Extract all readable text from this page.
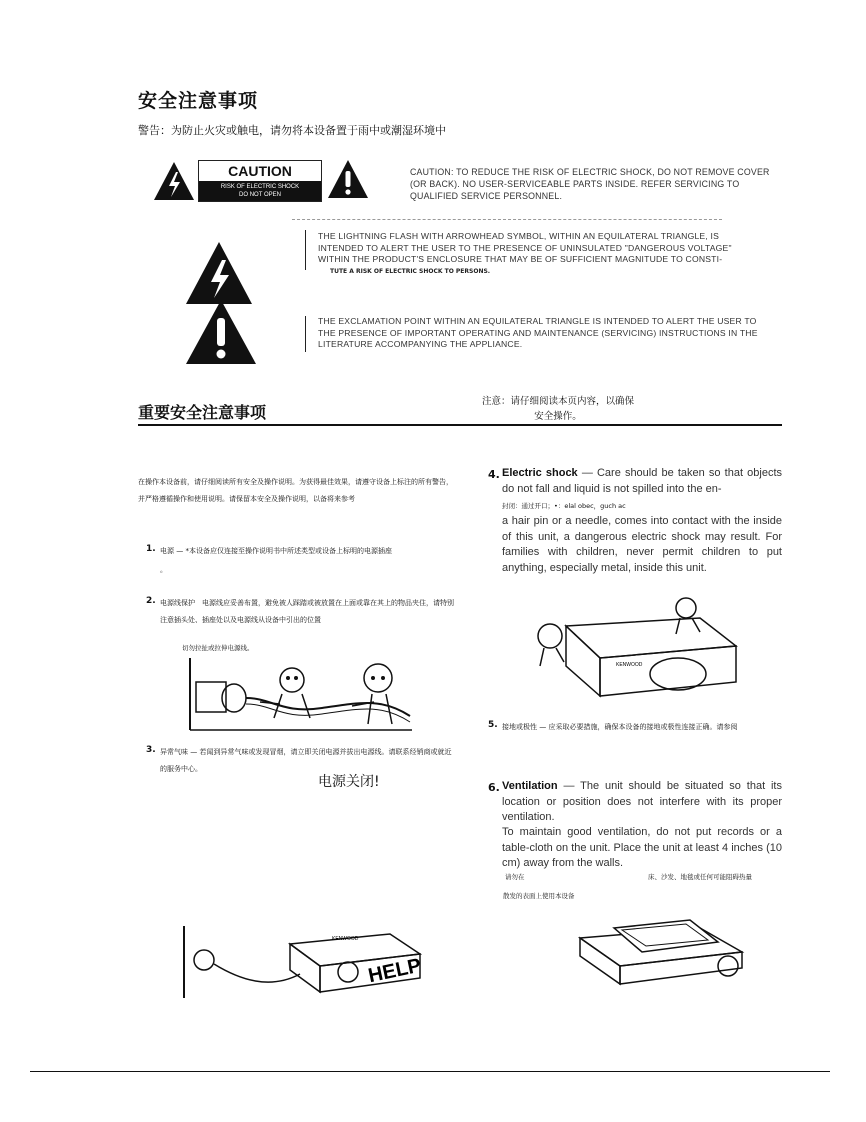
安全注意事项
警告：为防止火灾或触电，请勿将本设备置于雨中或潮湿环境中
CAUTION
RISK OF ELECTRIC SHOCK
DO NOT OPEN
CAUTION: TO REDUCE THE RISK OF ELECTRIC SHOCK, DO NOT REMOVE COVER (OR BACK). NO USER-SERVICEABLE PARTS INSIDE. REFER SERVICING TO QUALIFIED SERVICE PERSONNEL.
THE LIGHTNING FLASH WITH ARROWHEAD SYMBOL, WITHIN AN EQUILATERAL TRIANGLE, IS INTENDED TO ALERT THE USER TO THE PRESENCE OF UNINSULATED "DANGEROUS VOLTAGE" WITHIN THE PRODUCT'S ENCLOSURE THAT MAY BE OF SUFFICIENT MAGNITUDE TO CONSTI-
TUTE A RISK OF ELECTRIC SHOCK TO PERSONS.
THE EXCLAMATION POINT WITHIN AN EQUILATERAL TRIANGLE IS INTENDED TO ALERT THE USER TO THE PRESENCE OF IMPORTANT OPERATING AND MAINTENANCE (SERVICING) INSTRUCTIONS IN THE LITERATURE ACCOMPANYING THE APPLIANCE.
重要安全注意事项
注意：请仔细阅读本页内容，以确保
安全操作。
在操作本设备前，请仔细阅读所有安全及操作说明。为获得最佳效果，请遵守设备上标注的所有警告，并严格遵循操作和使用说明。请保留本安全及操作说明，以备将来参考
1. 电源 — *本设备应仅连接至操作说明书中所述类型或设备上标明的电源插座
。
2. 电源线保护　电源线应妥善布置，避免被人踩踏或被放置在上面或靠在其上的物品夹住，请特别注意插头处、插座处以及电源线从设备中引出的位置
切勿拉扯或拉伸电源线。
3. 异常气味 — 若闻到异常气味或发现冒烟，请立即关闭电源并拔出电源线。请联系经销商或就近的服务中心。
电源关闭!
4. Electric shock — Care should be taken so that objects do not fall and liquid is not spilled into the en-
封闭：通过开口；•：elal obec，guch ac
a hair pin or a needle, comes into contact with the inside of this unit, a dangerous electric shock may result. For families with children, never permit children to put anything, especially metal, inside this unit.
KENWOOD
5. 接地或极性 — 应采取必要措施，确保本设备的接地或极性连接正确。请参阅
6. Ventilation — The unit should be situated so that its location or position does not interfere with its proper ventilation.
To maintain good ventilation, do not put records or a table-cloth on the unit. Place the unit at least 4 inches (10 cm) away from the walls.
请勿在	床、沙发、地毯或任何可能阻碍热量
散发的表面上使用本设备
KENWOOD
HELP
